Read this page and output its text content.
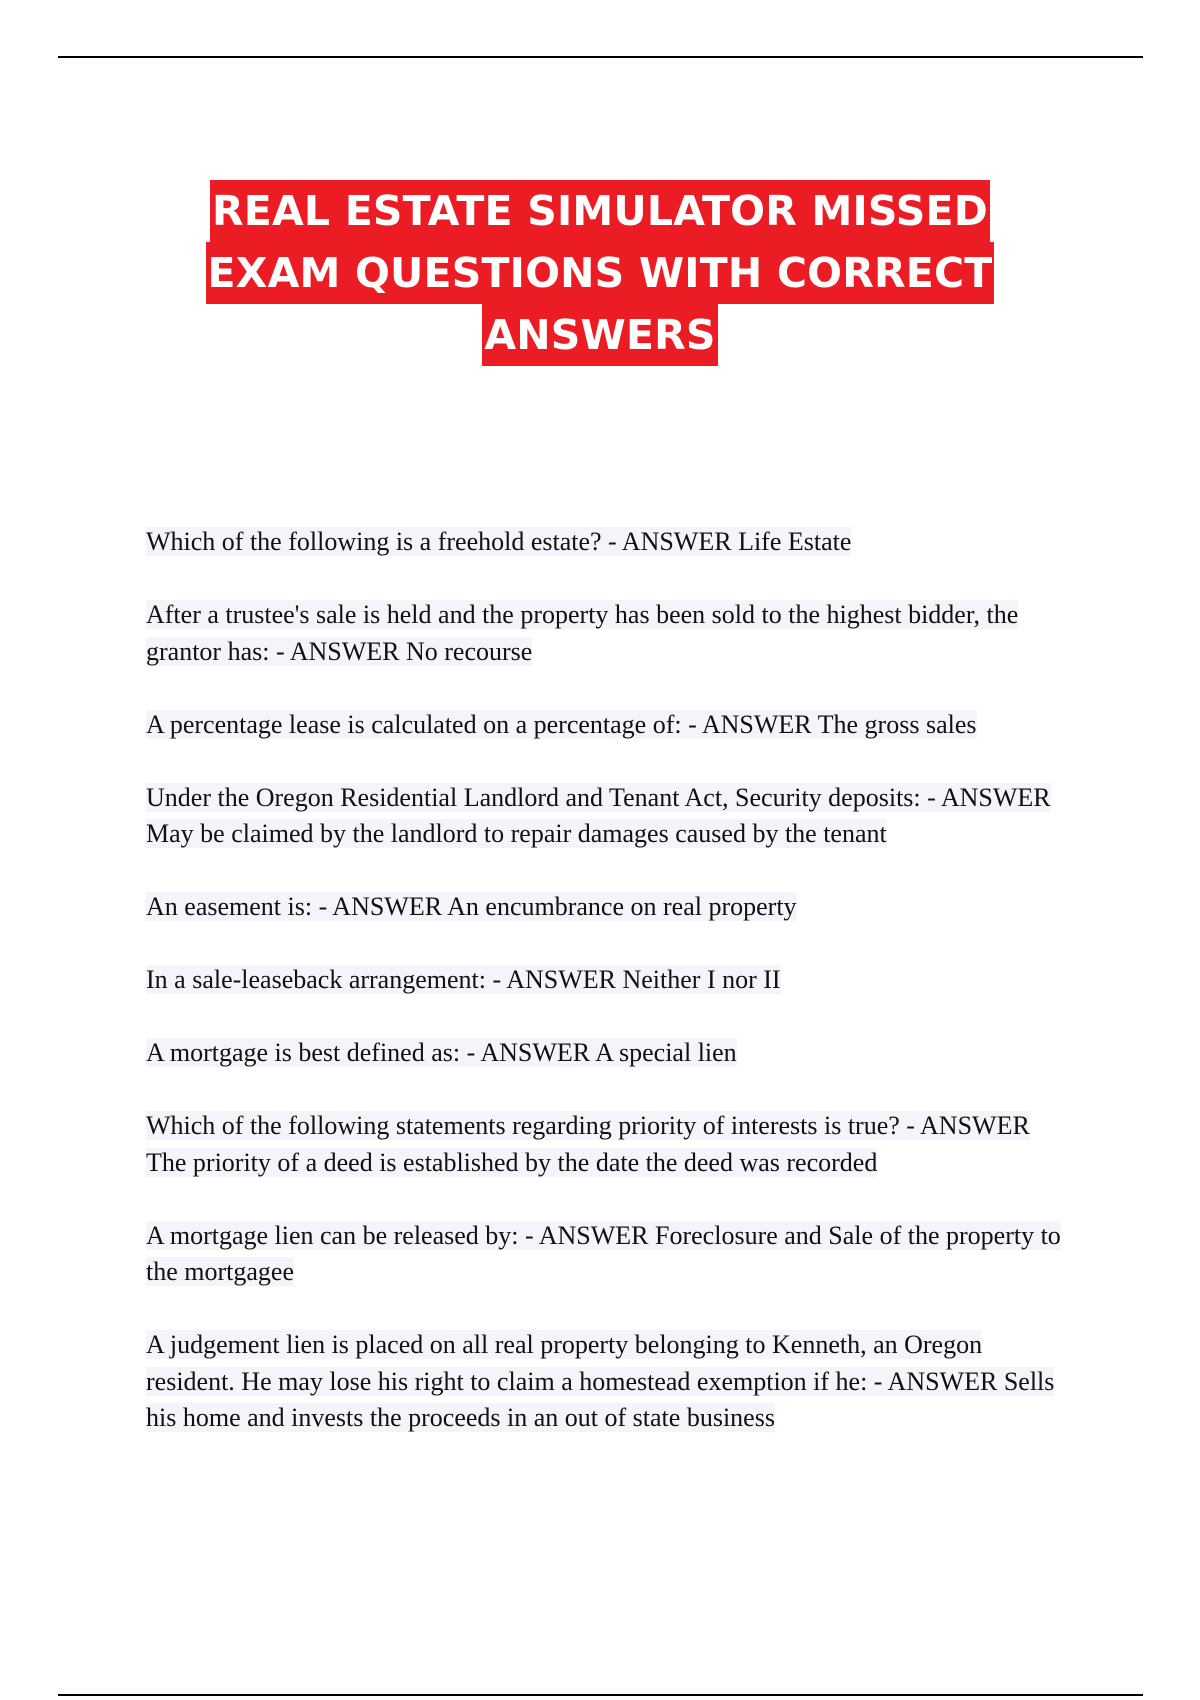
REAL ESTATE SIMULATOR MISSED
EXAM QUESTIONS WITH CORRECT
ANSWERS

Which of the following is a freehold estate? - ANSWER Life Estate

After a trustee's sale is held and the property has been sold to the highest bidder, the grantor has: - ANSWER No recourse

A percentage lease is calculated on a percentage of: - ANSWER The gross sales

Under the Oregon Residential Landlord and Tenant Act, Security deposits: - ANSWER May be claimed by the landlord to repair damages caused by the tenant

An easement is: - ANSWER An encumbrance on real property

In a sale-leaseback arrangement: - ANSWER Neither I nor II

A mortgage is best defined as: - ANSWER A special lien

Which of the following statements regarding priority of interests is true? - ANSWER The priority of a deed is established by the date the deed was recorded

A mortgage lien can be released by: - ANSWER Foreclosure and Sale of the property to the mortgagee

A judgement lien is placed on all real property belonging to Kenneth, an Oregon resident. He may lose his right to claim a homestead exemption if he: - ANSWER Sells his home and invests the proceeds in an out of state business
